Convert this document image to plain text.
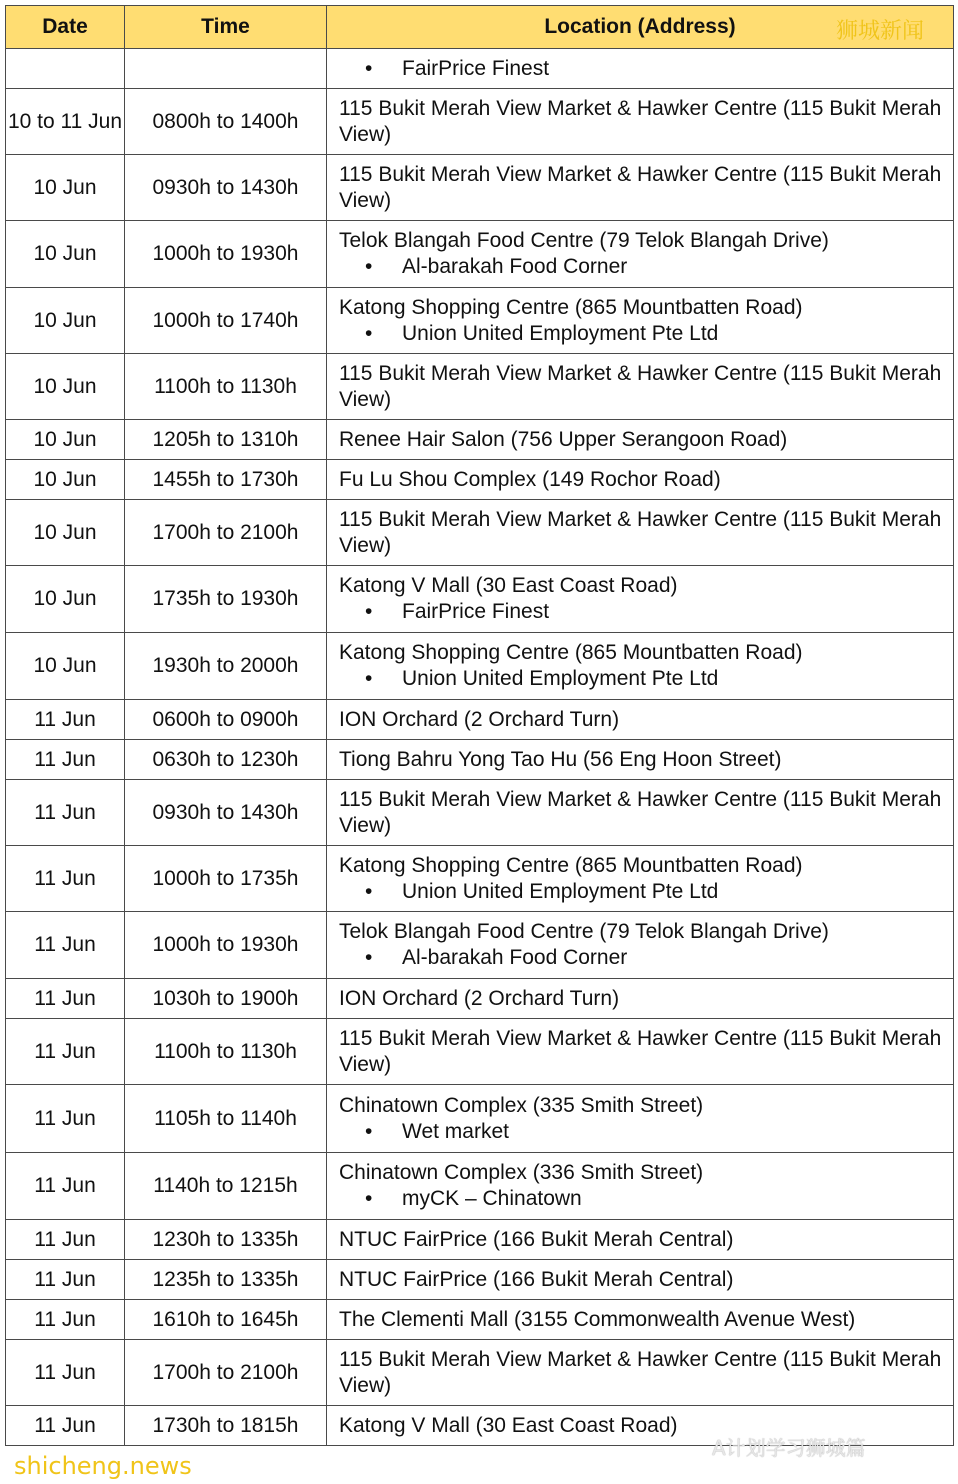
Date	Time	Location (Address)

		• FairPrice Finest

10 to 11 Jun	0800h to 1400h	115 Bukit Merah View Market & Hawker Centre (115 Bukit Merah View)

10 Jun	0930h to 1430h	115 Bukit Merah View Market & Hawker Centre (115 Bukit Merah View)

10 Jun	1000h to 1930h	Telok Blangah Food Centre (79 Telok Blangah Drive)
• Al-barakah Food Corner

10 Jun	1000h to 1740h	Katong Shopping Centre (865 Mountbatten Road)
• Union United Employment Pte Ltd

10 Jun	1100h to 1130h	115 Bukit Merah View Market & Hawker Centre (115 Bukit Merah View)

10 Jun	1205h to 1310h	Renee Hair Salon (756 Upper Serangoon Road)

10 Jun	1455h to 1730h	Fu Lu Shou Complex (149 Rochor Road)

10 Jun	1700h to 2100h	115 Bukit Merah View Market & Hawker Centre (115 Bukit Merah View)

10 Jun	1735h to 1930h	Katong V Mall (30 East Coast Road)
• FairPrice Finest

10 Jun	1930h to 2000h	Katong Shopping Centre (865 Mountbatten Road)
• Union United Employment Pte Ltd

11 Jun	0600h to 0900h	ION Orchard (2 Orchard Turn)

11 Jun	0630h to 1230h	Tiong Bahru Yong Tao Hu (56 Eng Hoon Street)

11 Jun	0930h to 1430h	115 Bukit Merah View Market & Hawker Centre (115 Bukit Merah View)

11 Jun	1000h to 1735h	Katong Shopping Centre (865 Mountbatten Road)
• Union United Employment Pte Ltd

11 Jun	1000h to 1930h	Telok Blangah Food Centre (79 Telok Blangah Drive)
• Al-barakah Food Corner

11 Jun	1030h to 1900h	ION Orchard (2 Orchard Turn)

11 Jun	1100h to 1130h	115 Bukit Merah View Market & Hawker Centre (115 Bukit Merah View)

11 Jun	1105h to 1140h	Chinatown Complex (335 Smith Street)
• Wet market

11 Jun	1140h to 1215h	Chinatown Complex (336 Smith Street)
• myCK – Chinatown

11 Jun	1230h to 1335h	NTUC FairPrice (166 Bukit Merah Central)

11 Jun	1235h to 1335h	NTUC FairPrice (166 Bukit Merah Central)

11 Jun	1610h to 1645h	The Clementi Mall (3155 Commonwealth Avenue West)

11 Jun	1700h to 2100h	115 Bukit Merah View Market & Hawker Centre (115 Bukit Merah View)

11 Jun	1730h to 1815h	Katong V Mall (30 East Coast Road)
狮城新闻
shicheng.news
A计划学习狮城篇
